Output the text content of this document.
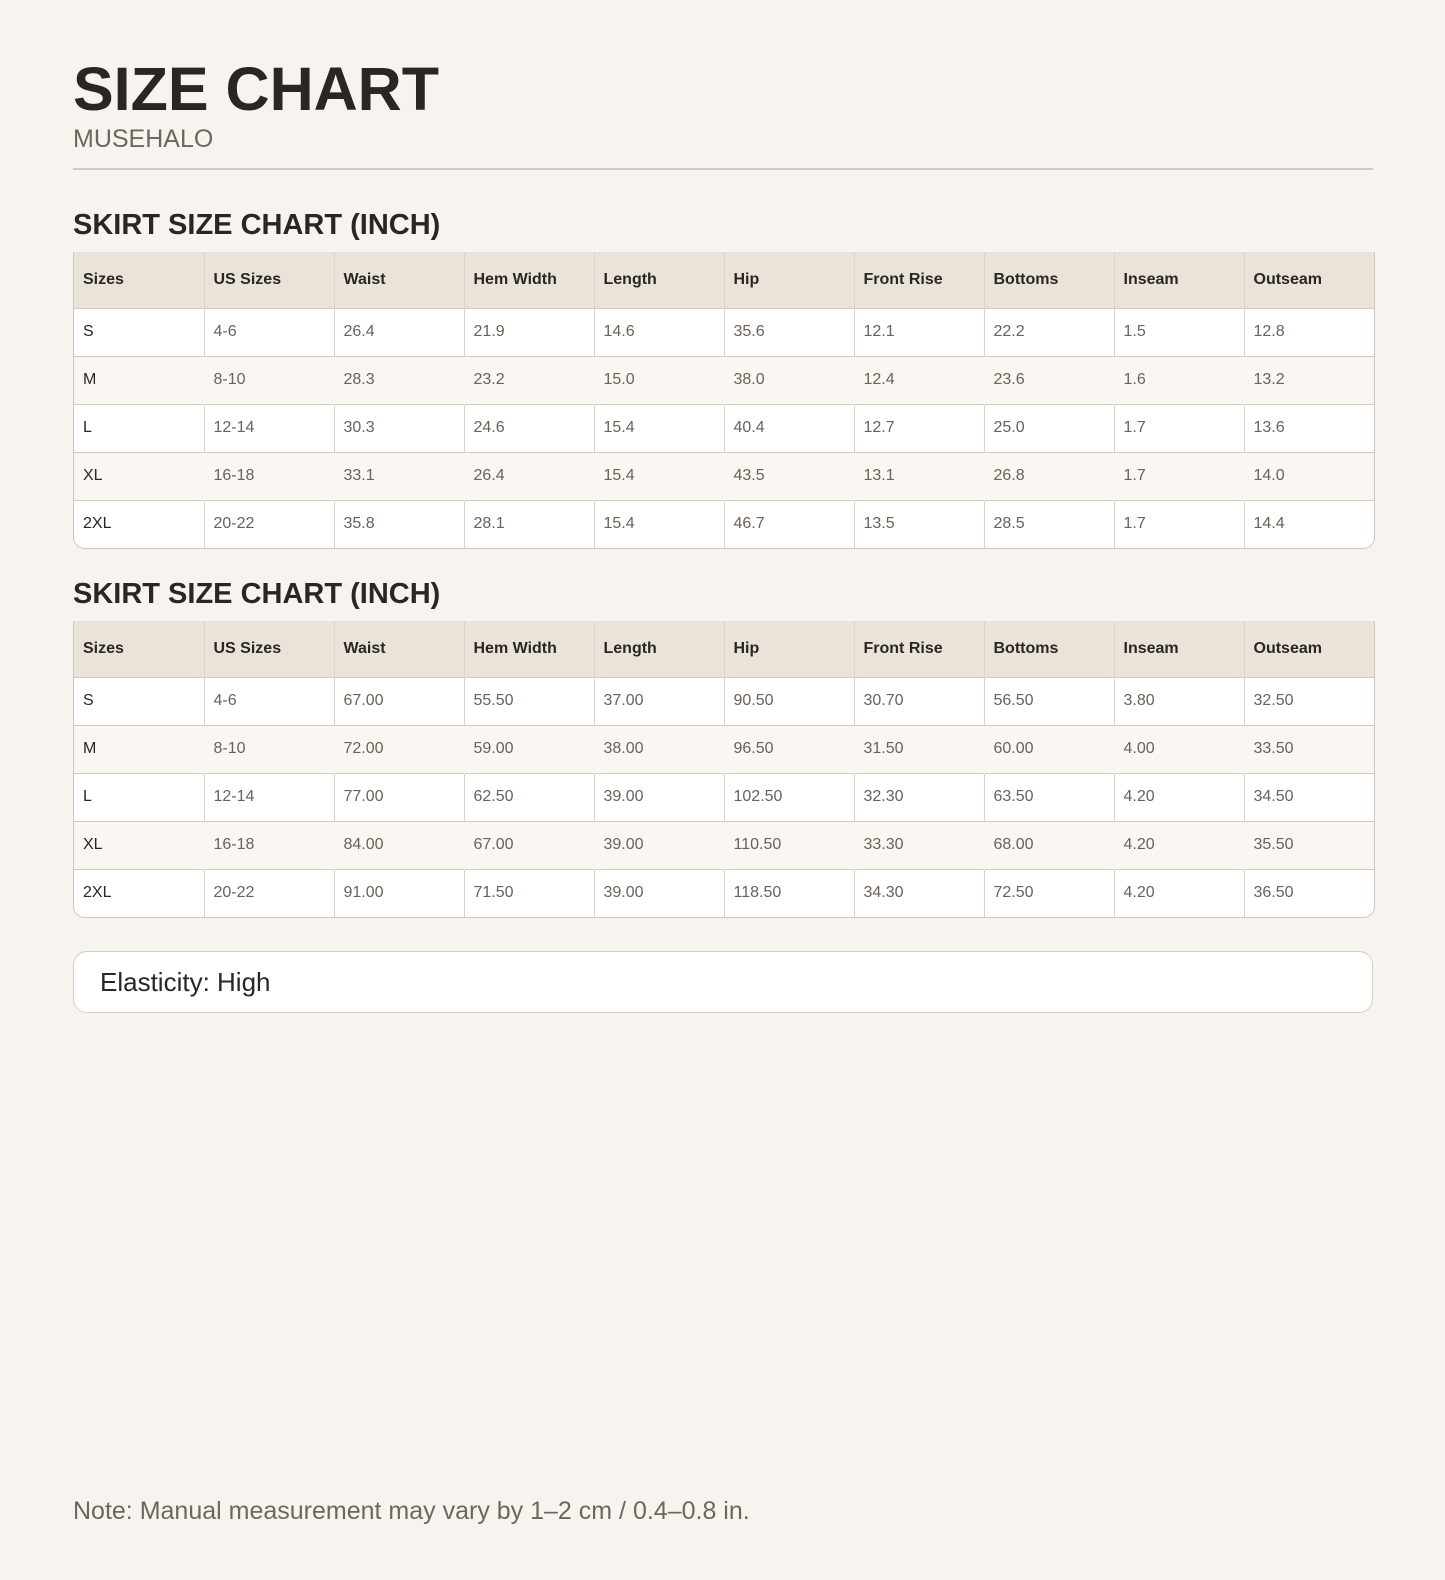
SIZE CHART
MUSEHALO
SKIRT SIZE CHART (INCH)
Sizes	US Sizes	Waist	Hem Width	Length	Hip	Front Rise	Bottoms	Inseam	Outseam
S	4-6	26.4	21.9	14.6	35.6	12.1	22.2	1.5	12.8
M	8-10	28.3	23.2	15.0	38.0	12.4	23.6	1.6	13.2
L	12-14	30.3	24.6	15.4	40.4	12.7	25.0	1.7	13.6
XL	16-18	33.1	26.4	15.4	43.5	13.1	26.8	1.7	14.0
2XL	20-22	35.8	28.1	15.4	46.7	13.5	28.5	1.7	14.4
SKIRT SIZE CHART (INCH)
Sizes	US Sizes	Waist	Hem Width	Length	Hip	Front Rise	Bottoms	Inseam	Outseam
S	4-6	67.00	55.50	37.00	90.50	30.70	56.50	3.80	32.50
M	8-10	72.00	59.00	38.00	96.50	31.50	60.00	4.00	33.50
L	12-14	77.00	62.50	39.00	102.50	32.30	63.50	4.20	34.50
XL	16-18	84.00	67.00	39.00	110.50	33.30	68.00	4.20	35.50
2XL	20-22	91.00	71.50	39.00	118.50	34.30	72.50	4.20	36.50
Elasticity: High
Note: Manual measurement may vary by 1–2 cm / 0.4–0.8 in.
